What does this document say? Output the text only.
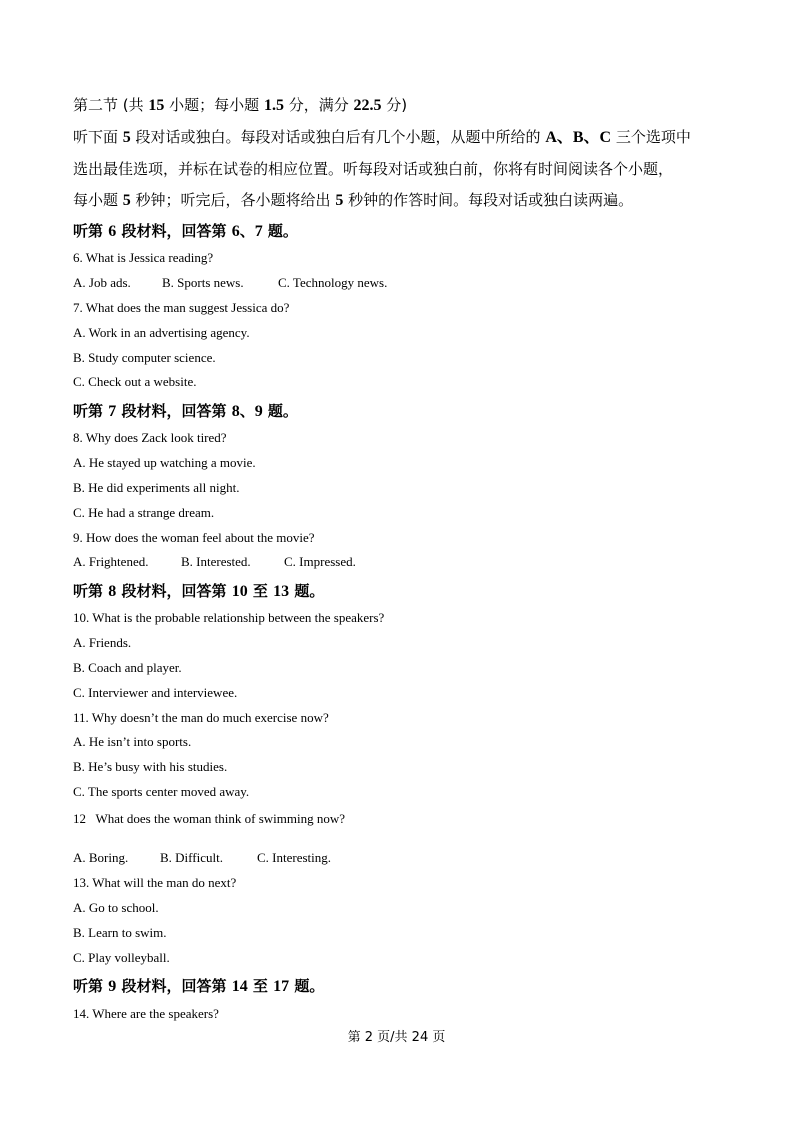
第二节 (共 15 小题；每小题 1.5 分，满分 22.5 分)
听下面 5 段对话或独白。每段对话或独白后有几个小题，从题中所给的 A、B、C 三个选项中
选出最佳选项，并标在试卷的相应位置。听每段对话或独白前，你将有时间阅读各个小题，
每小题 5 秒钟；听完后，各小题将给出 5 秒钟的作答时间。每段对话或独白读两遍。
听第 6 段材料，回答第 6、7 题。
6. What is Jessica reading?
A. Job ads. B. Sports news.	C. Technology news.
7. What does the man suggest Jessica do?
A. Work in an advertising agency.
B. Study computer science.
C. Check out a website.
听第 7 段材料，回答第 8、9 题。
8. Why does Zack look tired?
A. He stayed up watching a movie.
B. He did experiments all night.
C. He had a strange dream.
9. How does the woman feel about the movie?
A. Frightened.	B. Interested.	C. Impressed.
听第 8 段材料，回答第 10 至 13 题。
10. What is the probable relationship between the speakers?
A. Friends.
B. Coach and player.
C. Interviewer and interviewee.
11. Why doesn’t the man do much exercise now?
A. He isn’t into sports.
B. He’s busy with his studies.
C. The sports center moved away.
12   What does the woman think of swimming now?
A. Boring. B. Difficult.	C. Interesting.
13. What will the man do next?
A. Go to school.
B. Learn to swim.
C. Play volleyball.
听第 9 段材料，回答第 14 至 17 题。
14. Where are the speakers?
第 2 页/共 24 页
